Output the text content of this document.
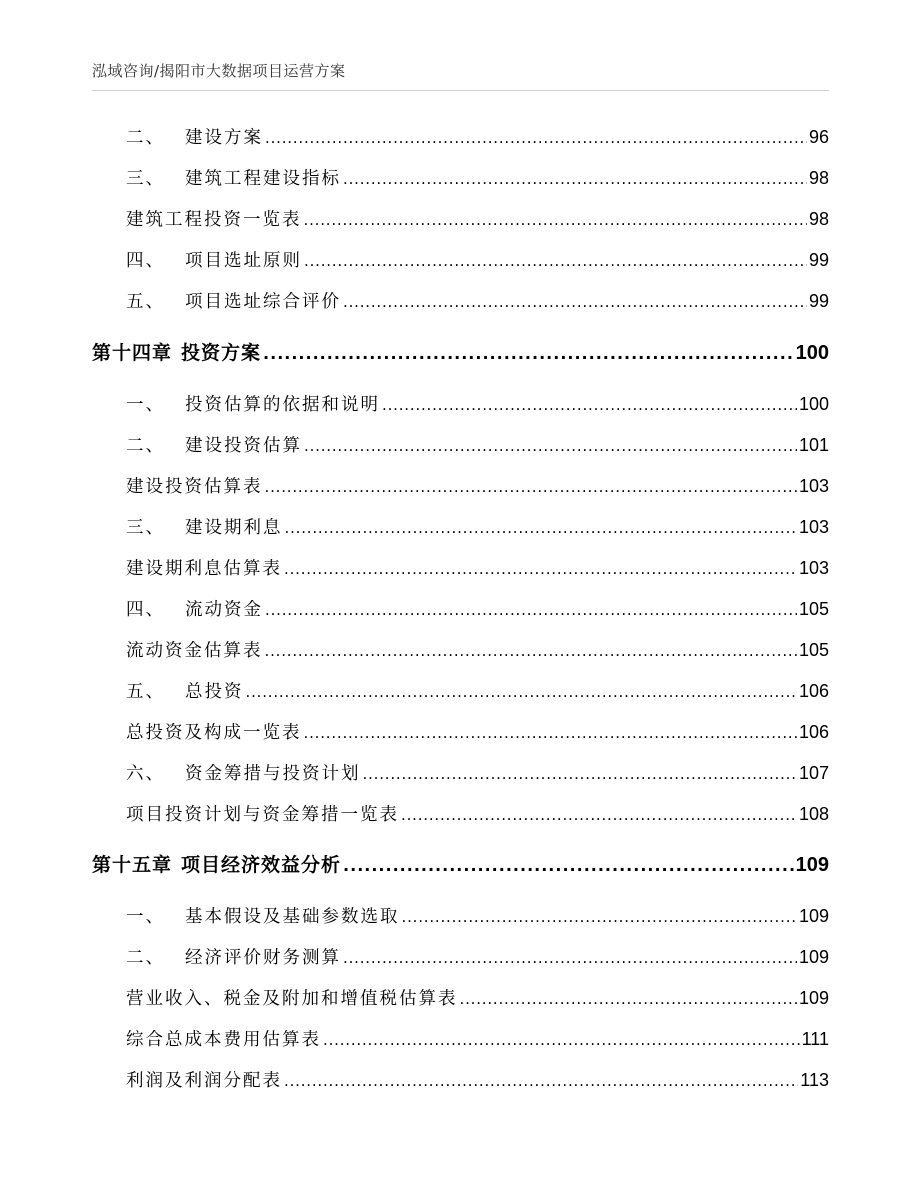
泓域咨询/揭阳市大数据项目运营方案
二、 建设方案 .....	96
三、 建筑工程建设指标 .....	98
建筑工程投资一览表 .....	98
四、 项目选址原则 .....	99
五、 项目选址综合评价 .....	99
第十四章 投资方案 .....	100
一、 投资估算的依据和说明 .....	100
二、 建设投资估算 .....	101
建设投资估算表 .....	103
三、 建设期利息 .....	103
建设期利息估算表 .....	103
四、 流动资金 .....	105
流动资金估算表 .....	105
五、 总投资 .....	106
总投资及构成一览表 .....	106
六、 资金筹措与投资计划 .....	107
项目投资计划与资金筹措一览表 .....	108
第十五章 项目经济效益分析 .....	109
一、 基本假设及基础参数选取 .....	109
二、 经济评价财务测算 .....	109
营业收入、税金及附加和增值税估算表 .....	109
综合总成本费用估算表 .....	111
利润及利润分配表 .....	113
